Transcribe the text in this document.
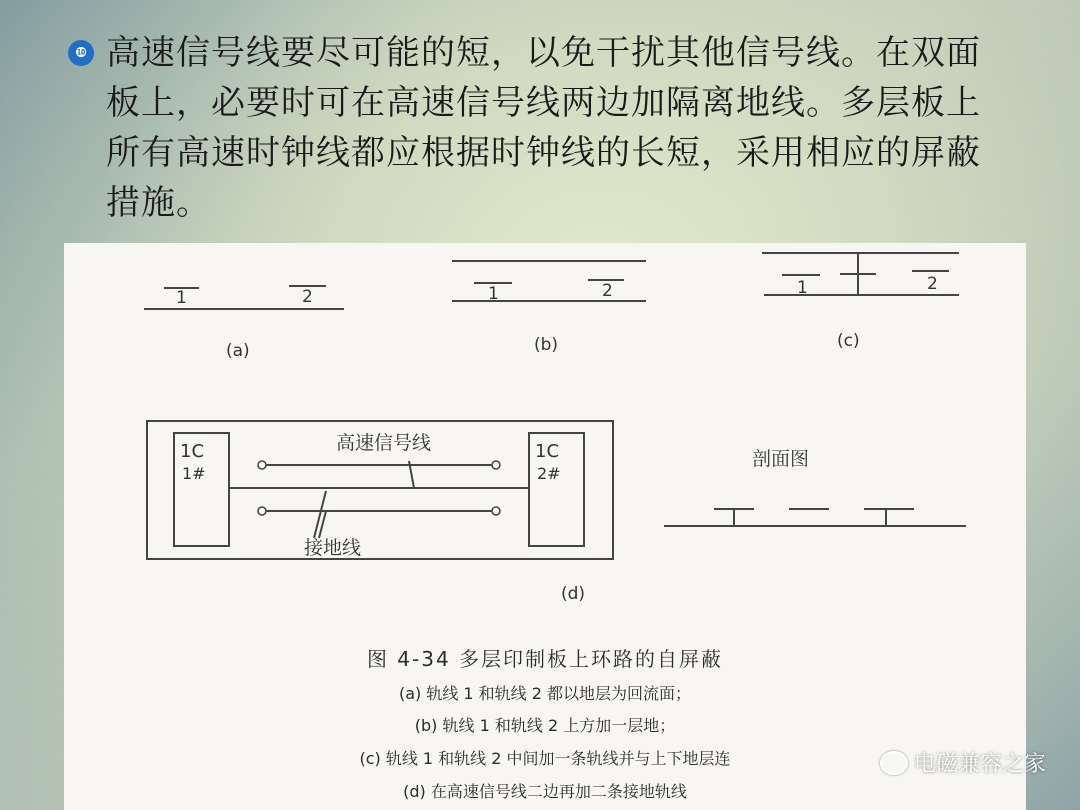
❿ 高速信号线要尽可能的短，以免干扰其他信号线。在双面板上，必要时可在高速信号线两边加隔离地线。多层板上所有高速时钟线都应根据时钟线的长短，采用相应的屏蔽措施。
1	2
(a)
1	2
(b)
1	2
(c)
1C
1#
1C
2#
高速信号线
接地线
剖面图
(d)
图 4-34 多层印制板上环路的自屏蔽
(a) 轨线 1 和轨线 2 都以地层为回流面；
(b) 轨线 1 和轨线 2 上方加一层地；
(c) 轨线 1 和轨线 2 中间加一条轨线并与上下地层连
(d) 在高速信号线二边再加二条接地轨线
电磁兼容之家
